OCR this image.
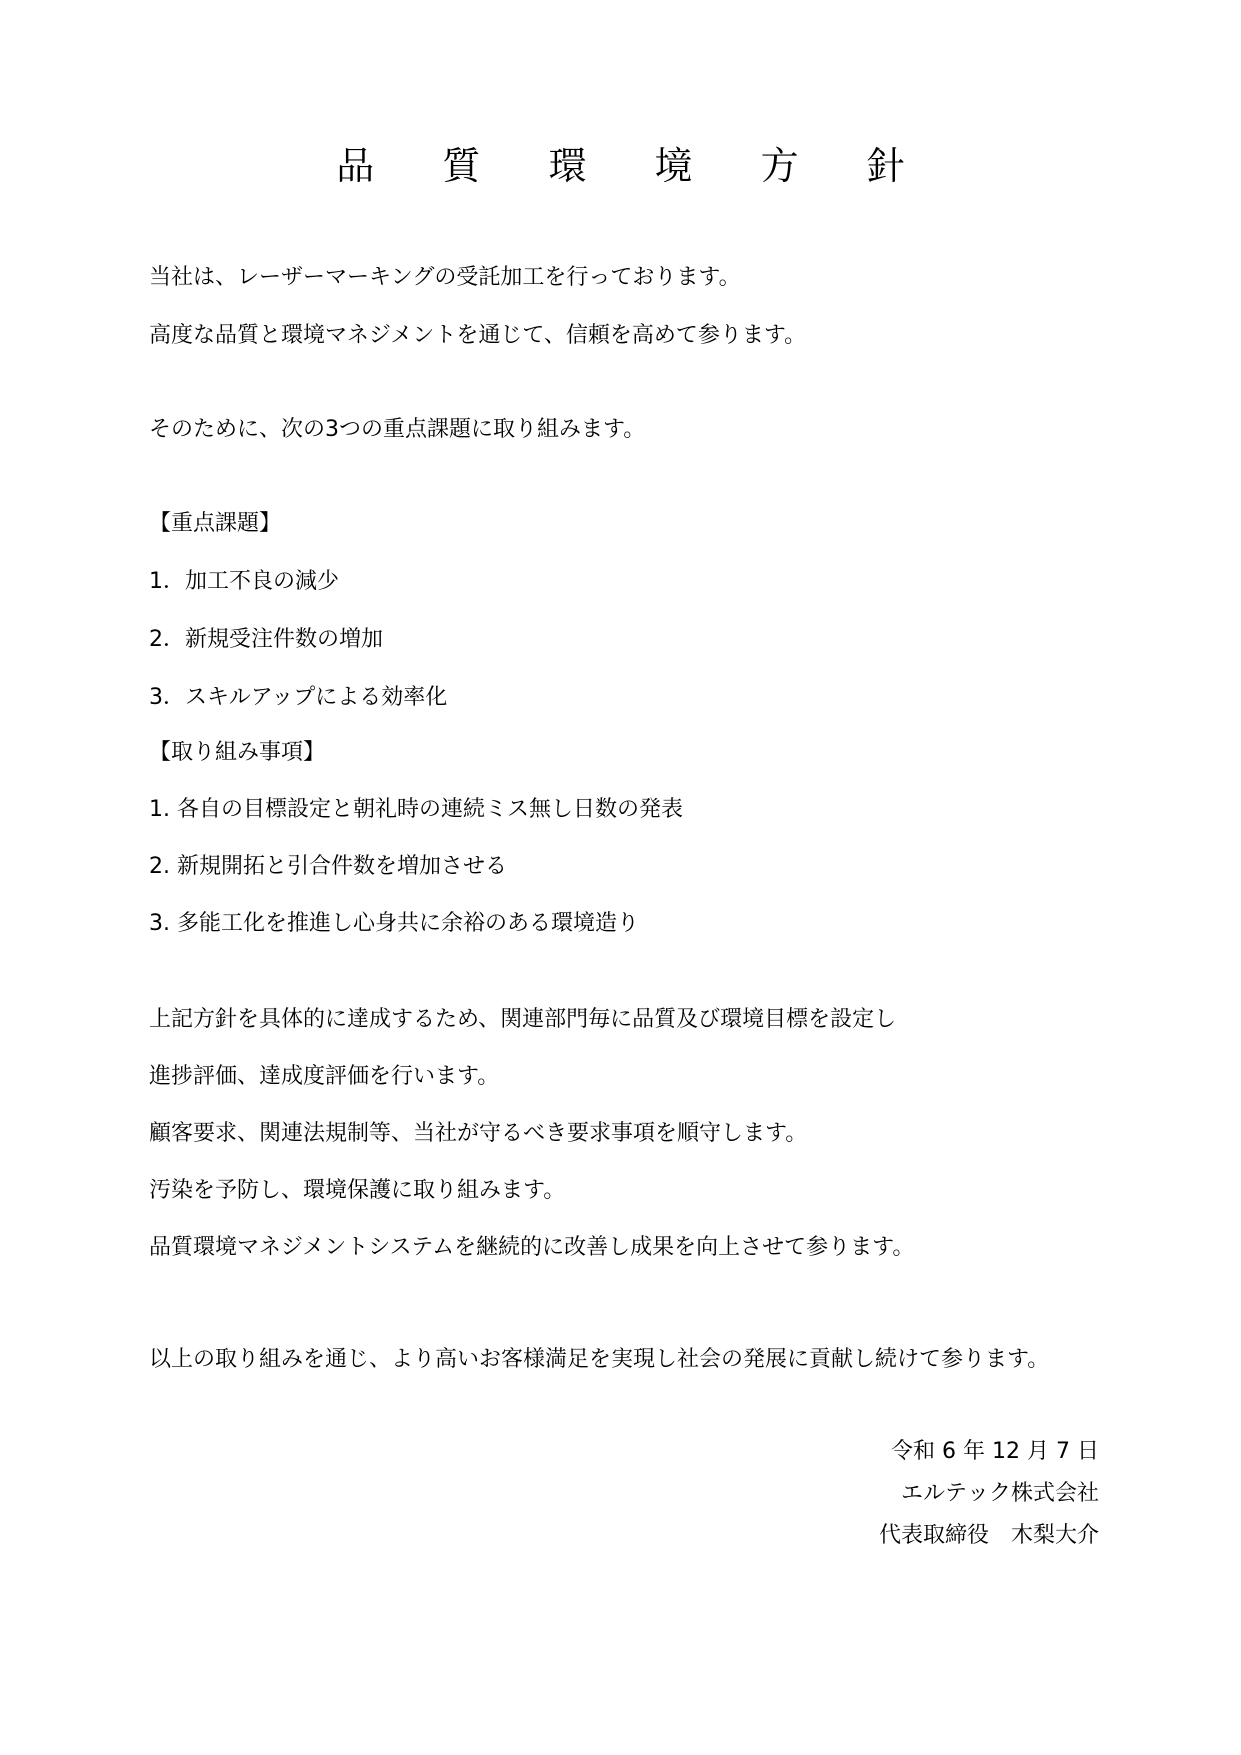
品 質 環 境 方 針
当社は、レーザーマーキングの受託加工を行っております。
高度な品質と環境マネジメントを通じて、信頼を高めて参ります。
そのために、次の3つの重点課題に取り組みます。
【重点課題】
1．加工不良の減少
2．新規受注件数の増加
3．スキルアップによる効率化
【取り組み事項】
1. 各自の目標設定と朝礼時の連続ミス無し日数の発表
2. 新規開拓と引合件数を増加させる
3. 多能工化を推進し心身共に余裕のある環境造り
上記方針を具体的に達成するため、関連部門毎に品質及び環境目標を設定し
進捗評価、達成度評価を行います。
顧客要求、関連法規制等、当社が守るべき要求事項を順守します。
汚染を予防し、環境保護に取り組みます。
品質環境マネジメントシステムを継続的に改善し成果を向上させて参ります。
以上の取り組みを通じ、より高いお客様満足を実現し社会の発展に貢献し続けて参ります。
令和 6 年 12 月 7 日
エルテック株式会社
代表取締役　木梨大介
